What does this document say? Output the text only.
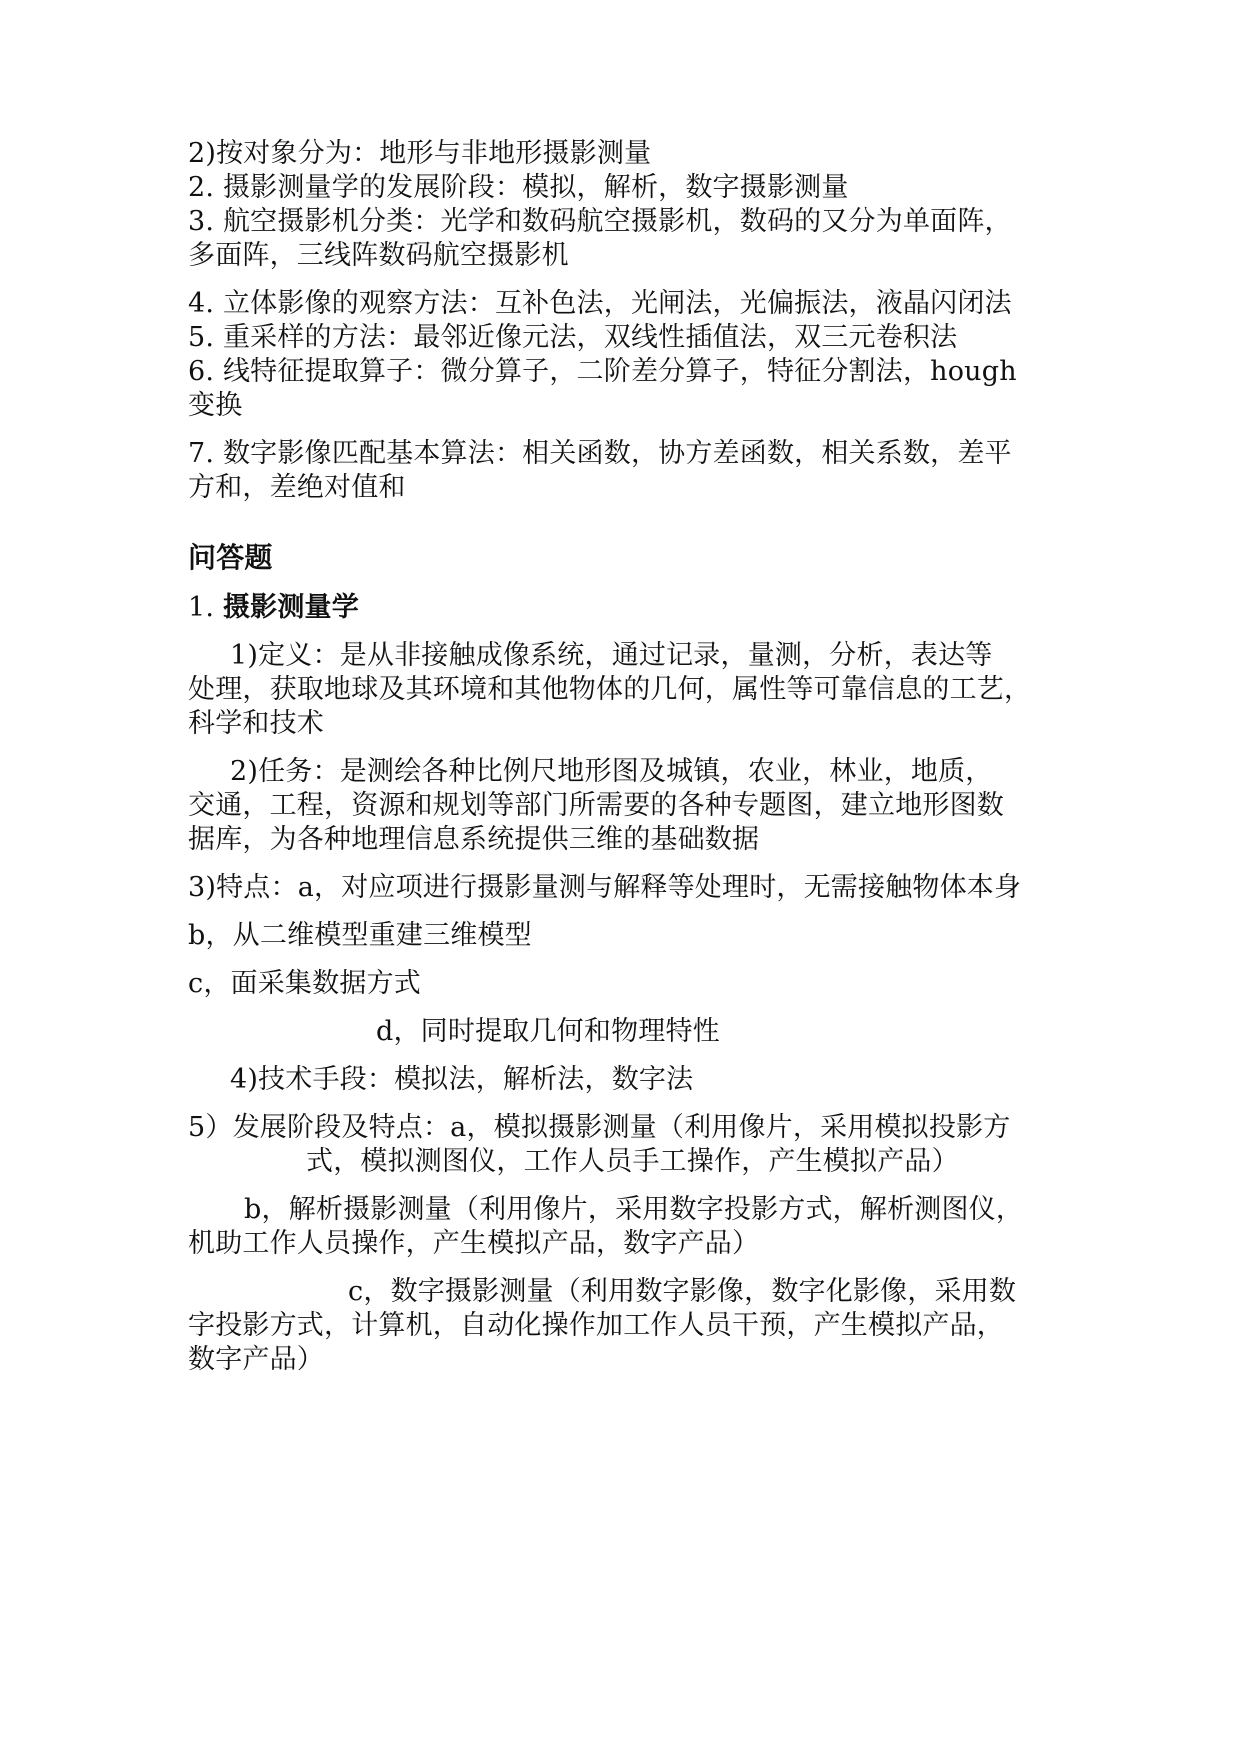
2)按对象分为：地形与非地形摄影测量
2. 摄影测量学的发展阶段：模拟，解析，数字摄影测量
3. 航空摄影机分类：光学和数码航空摄影机，数码的又分为单面阵，
多面阵，三线阵数码航空摄影机
4. 立体影像的观察方法：互补色法，光闸法，光偏振法，液晶闪闭法
5. 重采样的方法：最邻近像元法，双线性插值法，双三元卷积法
6. 线特征提取算子：微分算子，二阶差分算子，特征分割法，hough
变换
7. 数字影像匹配基本算法：相关函数，协方差函数，相关系数，差平
方和，差绝对值和
问答题
1. 摄影测量学
1)定义：是从非接触成像系统，通过记录，量测，分析，表达等
处理，获取地球及其环境和其他物体的几何，属性等可靠信息的工艺，
科学和技术
2)任务：是测绘各种比例尺地形图及城镇，农业，林业，地质，
交通，工程，资源和规划等部门所需要的各种专题图，建立地形图数
据库，为各种地理信息系统提供三维的基础数据
3)特点：a，对应项进行摄影量测与解释等处理时，无需接触物体本身
b，从二维模型重建三维模型
c，面采集数据方式
d，同时提取几何和物理特性
4)技术手段：模拟法，解析法，数字法
5）发展阶段及特点：a，模拟摄影测量（利用像片，采用模拟投影方
式，模拟测图仪，工作人员手工操作，产生模拟产品）
b，解析摄影测量（利用像片，采用数字投影方式，解析测图仪，
机助工作人员操作，产生模拟产品，数字产品）
c，数字摄影测量（利用数字影像，数字化影像，采用数
字投影方式，计算机，自动化操作加工作人员干预，产生模拟产品，
数字产品）
